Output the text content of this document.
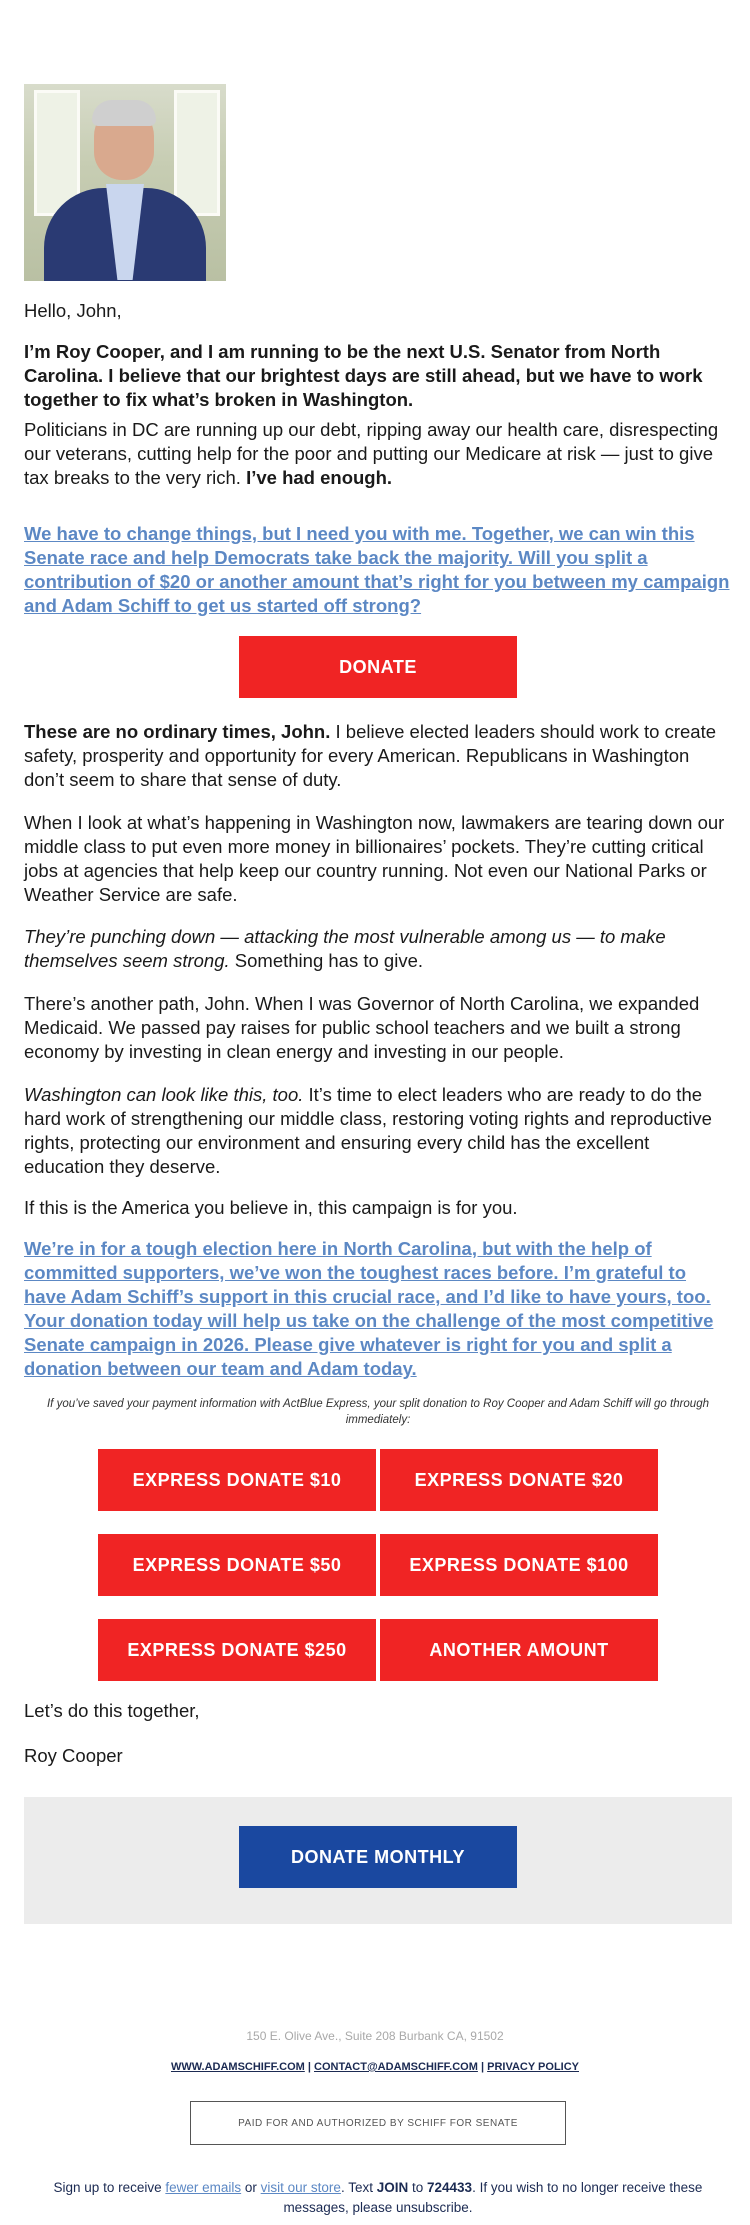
Hello, John,

I’m Roy Cooper, and I am running to be the next U.S. Senator from North Carolina. I believe that our brightest days are still ahead, but we have to work together to fix what’s broken in Washington.

Politicians in DC are running up our debt, ripping away our health care, disrespecting our veterans, cutting help for the poor and putting our Medicare at risk — just to give tax breaks to the very rich. I’ve had enough.

We have to change things, but I need you with me. Together, we can win this Senate race and help Democrats take back the majority. Will you split a contribution of $20 or another amount that’s right for you between my campaign and Adam Schiff to get us started off strong?

DONATE

These are no ordinary times, John. I believe elected leaders should work to create safety, prosperity and opportunity for every American. Republicans in Washington don’t seem to share that sense of duty.

When I look at what’s happening in Washington now, lawmakers are tearing down our middle class to put even more money in billionaires’ pockets. They’re cutting critical jobs at agencies that help keep our country running. Not even our National Parks or Weather Service are safe.

They’re punching down — attacking the most vulnerable among us — to make themselves seem strong. Something has to give.

There’s another path, John. When I was Governor of North Carolina, we expanded Medicaid. We passed pay raises for public school teachers and we built a strong economy by investing in clean energy and investing in our people.

Washington can look like this, too. It’s time to elect leaders who are ready to do the hard work of strengthening our middle class, restoring voting rights and reproductive rights, protecting our environment and ensuring every child has the excellent education they deserve.

If this is the America you believe in, this campaign is for you.

We’re in for a tough election here in North Carolina, but with the help of committed supporters, we’ve won the toughest races before. I’m grateful to have Adam Schiff’s support in this crucial race, and I’d like to have yours, too. Your donation today will help us take on the challenge of the most competitive Senate campaign in 2026. Please give whatever is right for you and split a donation between our team and Adam today.

If you’ve saved your payment information with ActBlue Express, your split donation to Roy Cooper and Adam Schiff will go through immediately:
EXPRESS DONATE $10	EXPRESS DONATE $20
EXPRESS DONATE $50	EXPRESS DONATE $100
EXPRESS DONATE $250	ANOTHER AMOUNT

Let’s do this together,

Roy Cooper

DONATE MONTHLY
150 E. Olive Ave., Suite 208 Burbank CA, 91502
WWW.ADAMSCHIFF.COM | CONTACT@ADAMSCHIFF.COM | PRIVACY POLICY
PAID FOR AND AUTHORIZED BY SCHIFF FOR SENATE
Sign up to receive fewer emails or visit our store. Text JOIN to 724433. If you wish to no longer receive these messages, please unsubscribe.
